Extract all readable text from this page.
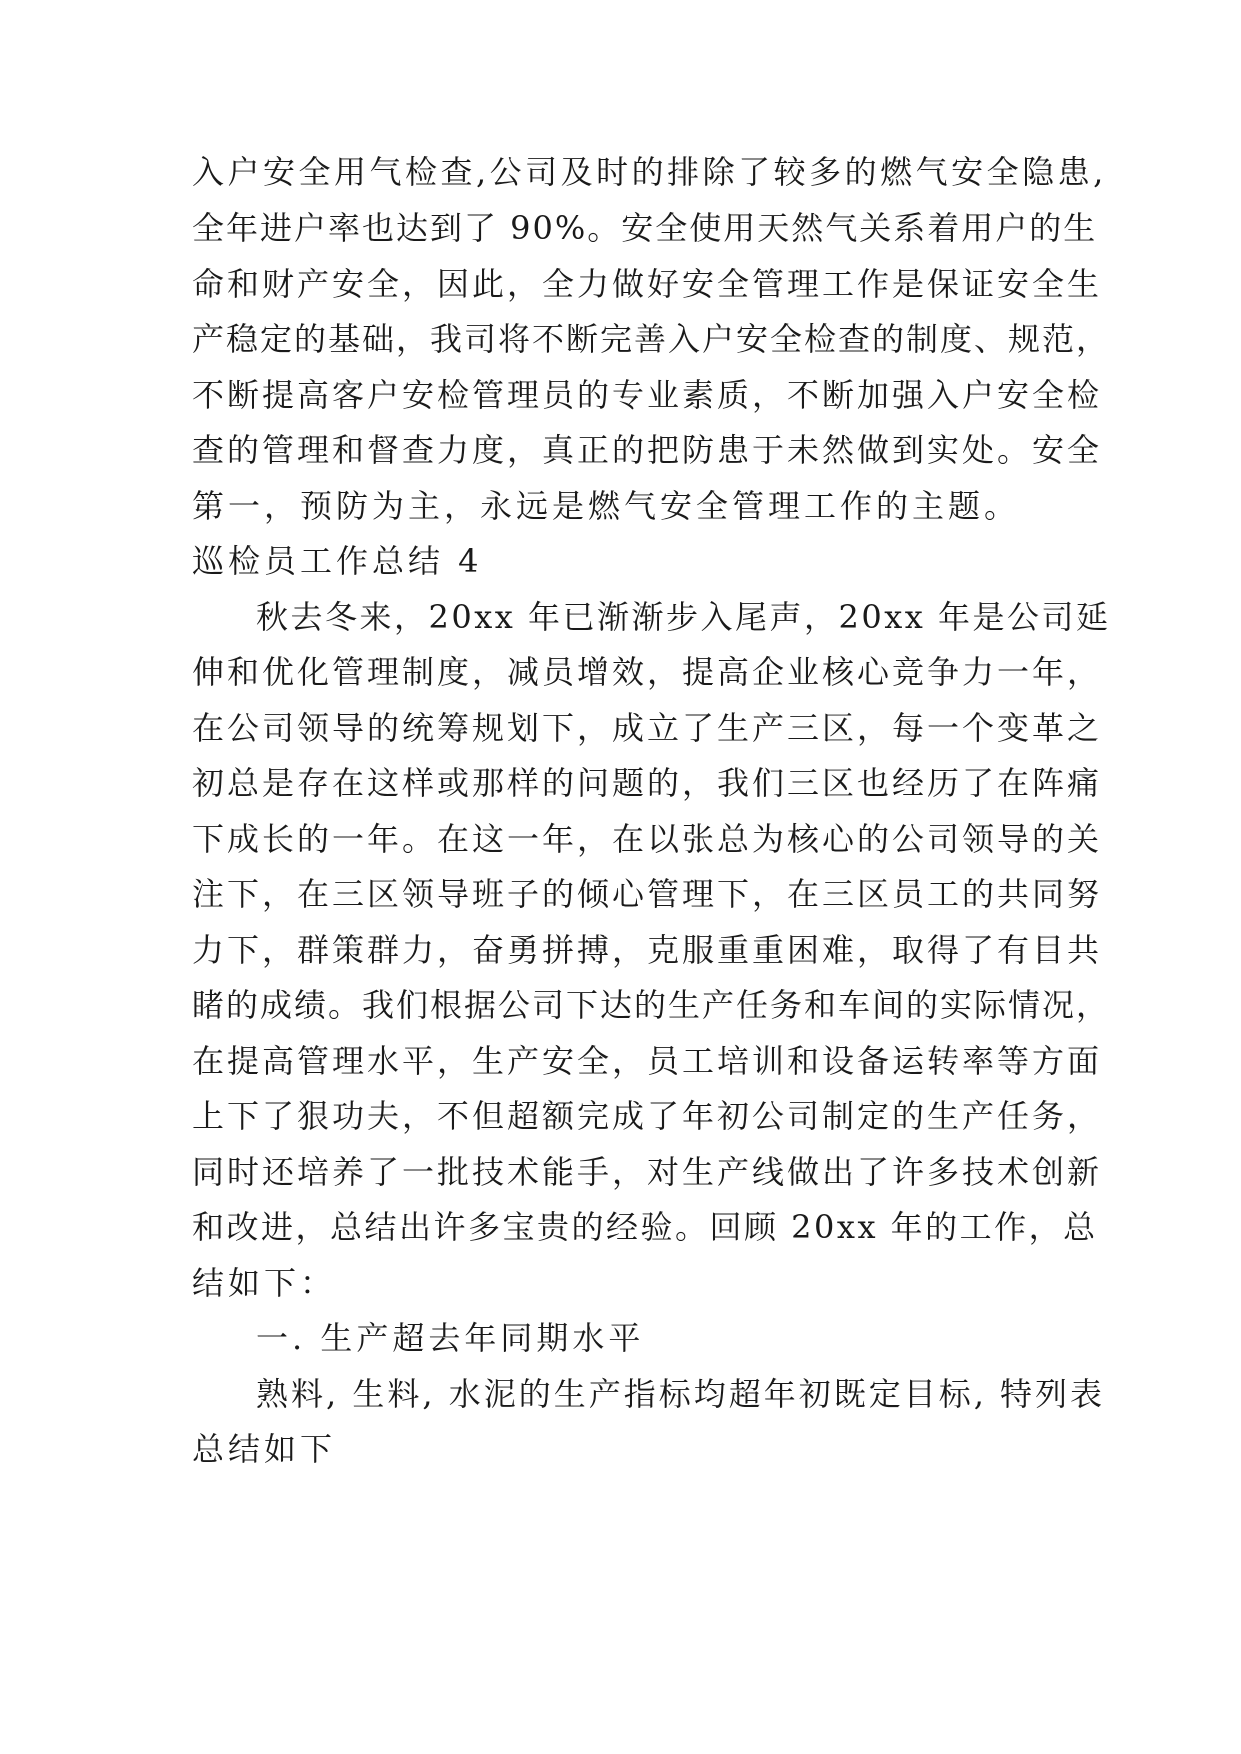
入户安全用气检查,公司及时的排除了较多的燃气安全隐患,
全年进户率也达到了 90%。安全使用天然气关系着用户的生
命和财产安全，因此，全力做好安全管理工作是保证安全生
产稳定的基础，我司将不断完善入户安全检查的制度、规范，
不断提高客户安检管理员的专业素质，不断加强入户安全检
查的管理和督查力度，真正的把防患于未然做到实处。安全
第一，预防为主，永远是燃气安全管理工作的主题。
巡检员工作总结 4
秋去冬来，20xx 年已渐渐步入尾声，20xx 年是公司延
伸和优化管理制度，减员增效，提高企业核心竞争力一年，
在公司领导的统筹规划下，成立了生产三区，每一个变革之
初总是存在这样或那样的问题的，我们三区也经历了在阵痛
下成长的一年。在这一年，在以张总为核心的公司领导的关
注下，在三区领导班子的倾心管理下，在三区员工的共同努
力下，群策群力，奋勇拼搏，克服重重困难，取得了有目共
睹的成绩。我们根据公司下达的生产任务和车间的实际情况，
在提高管理水平，生产安全，员工培训和设备运转率等方面
上下了狠功夫，不但超额完成了年初公司制定的生产任务，
同时还培养了一批技术能手，对生产线做出了许多技术创新
和改进，总结出许多宝贵的经验。回顾 20xx 年的工作，总
结如下：
一. 生产超去年同期水平
熟料, 生料, 水泥的生产指标均超年初既定目标, 特列表
总结如下
